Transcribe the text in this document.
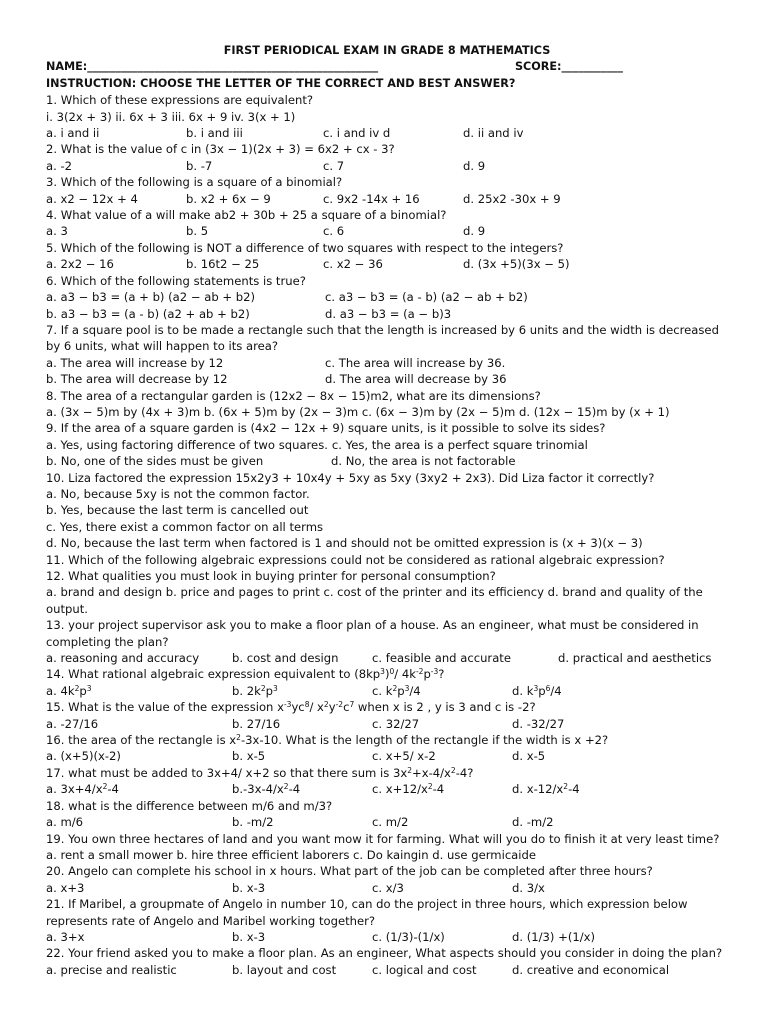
FIRST PERIODICAL EXAM IN GRADE 8 MATHEMATICS
NAME:____________________________________________________	SCORE:___________
INSTRUCTION: CHOOSE THE LETTER OF THE CORRECT AND BEST ANSWER?
1. Which of these expressions are equivalent?
i. 3(2x + 3) ii. 6x + 3 iii. 6x + 9 iv. 3(x + 1)
a. i and ii	b. i and iii	c. i and iv d	d. ii and iv
2. What is the value of c in (3x − 1)(2x + 3) = 6x2 + cx - 3?
a. -2	b. -7	c. 7	d. 9
3. Which of the following is a square of a binomial?
a. x2 − 12x + 4	b. x2 + 6x − 9	c. 9x2 -14x + 16	d. 25x2 -30x + 9
4. What value of a will make ab2 + 30b + 25 a square of a binomial?
a. 3	b. 5	c. 6	d. 9
5. Which of the following is NOT a difference of two squares with respect to the integers?
a. 2x2 − 16	b. 16t2 − 25	c. x2 − 36	d. (3x +5)(3x − 5)
6. Which of the following statements is true?
a. a3 − b3 = (a + b) (a2 − ab + b2)	c. a3 − b3 = (a - b) (a2 − ab + b2)
b. a3 − b3 = (a - b) (a2 + ab + b2)	d. a3 − b3 = (a − b)3
7. If a square pool is to be made a rectangle such that the length is increased by 6 units and the width is decreased by 6 units, what will happen to its area?
a. The area will increase by 12	c. The area will increase by 36.
b. The area will decrease by 12	d. The area will decrease by 36
8. The area of a rectangular garden is (12x2 − 8x − 15)m2, what are its dimensions?
a. (3x − 5)m by (4x + 3)m b. (6x + 5)m by (2x − 3)m c. (6x − 3)m by (2x − 5)m d. (12x − 15)m by (x + 1)
9. If the area of a square garden is (4x2 − 12x + 9) square units, is it possible to solve its sides?
a. Yes, using factoring difference of two squares. c. Yes, the area is a perfect square trinomial
b. No, one of the sides must be given	d. No, the area is not factorable
10. Liza factored the expression 15x2y3 + 10x4y + 5xy as 5xy (3xy2 + 2x3). Did Liza factor it correctly?
a. No, because 5xy is not the common factor.
b. Yes, because the last term is cancelled out
c. Yes, there exist a common factor on all terms
d. No, because the last term when factored is 1 and should not be omitted expression is (x + 3)(x − 3)
11. Which of the following algebraic expressions could not be considered as rational algebraic expression?
12. What qualities you must look in buying printer for personal consumption?
a. brand and design b. price and pages to print c. cost of the printer and its efficiency d. brand and quality of the output.
13. your project supervisor ask you to make a floor plan of a house. As an engineer, what must be considered in completing the plan?
a. reasoning and accuracy	b. cost and design	c. feasible and accurate	d. practical and aesthetics
14. What rational algebraic expression equivalent to $(8kp^3)^0/$ $4k^{-2}p^{-3}$?
a. $4k^2p^3$	b. $2k^2p^3$	c. $k^2p^3/4$	d. $k^3p^6/4$
15. What is the value of the expression $x^{-3}yc^8/$ $x^2y^{-2}c^7$ when x is 2 , y is 3 and c is -2?
a. -27/16	b. 27/16	c. 32/27	d. -32/27
16. the area of the rectangle is $x^2-3x-10$. What is the length of the rectangle if the width is x +2?
a. (x+5)(x-2)	b. x-5	c. x+5/ x-2	d. x-5
17. what must be added to 3x+4/ x+2 so that there sum is $3x^2+x-4/x^2-4$?
a. $3x+4/x^2-4$	$b.-3x-4/x^2-4$	c. $x+12/x^2-4$	d. $x-12/x^2-4$
18. what is the difference between m/6 and m/3?
a. m/6	b. -m/2	c. m/2	d. -m/2
19. You own three hectares of land and you want mow it for farming. What will you do to finish it at very least time?
a. rent a small mower b. hire three efficient laborers c. Do kaingin d. use germicaide
20. Angelo can complete his school in x hours. What part of the job can be completed after three hours?
a. x+3	b. x-3	c. x/3	d. 3/x
21. If Maribel, a groupmate of Angelo in number 10, can do the project in three hours, which expression below represents rate of Angelo and Maribel working together?
a. 3+x	b. x-3	c. (1/3)-(1/x)	d. (1/3) +(1/x)
22. Your friend asked you to make a floor plan. As an engineer, What aspects should you consider in doing the plan?
a. precise and realistic	b. layout and cost	c. logical and cost	d. creative and economical
